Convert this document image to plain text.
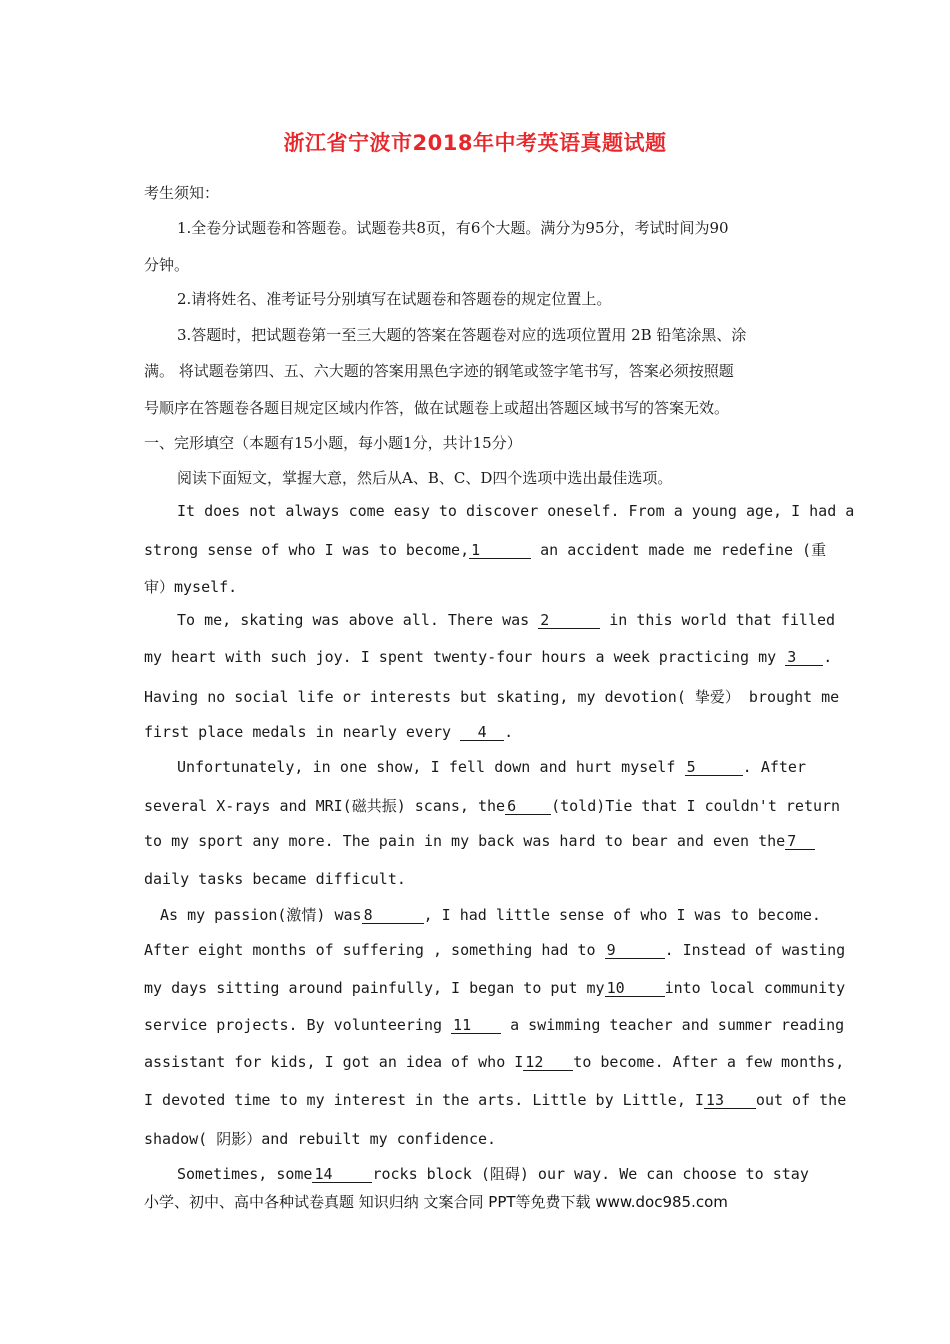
浙江省宁波市2018年中考英语真题试题
考生须知：
1.全卷分试题卷和答题卷。试题卷共8页，有6个大题。满分为95分，考试时间为90
分钟。
2.请将姓名、准考证号分别填写在试题卷和答题卷的规定位置上。
3.答题时，把试题卷第一至三大题的答案在答题卷对应的选项位置用 2B 铅笔涂黑、涂
满。 将试题卷第四、五、六大题的答案用黑色字迹的钢笔或签字笔书写，答案必须按照题
号顺序在答题卷各题目规定区域内作答，做在试题卷上或超出答题区域书写的答案无效。
一、完形填空（本题有15小题，每小题1分，共计15分）
阅读下面短文，掌握大意，然后从A、B、C、D四个选项中选出最佳选项。
It does not always come easy to discover oneself. From a young age, I had a
strong sense of who I was to become, 1	an accident made me redefine (重
审）myself.
To me, skating was above all. There was 2	in this world that filled
my heart with such joy. I spent twenty-four hours a week practicing my 3 .
Having no social life or interests but skating, my devotion( 挚爱） brought me
first place medals in nearly every 4 .
Unfortunately, in one show, I fell down and hurt myself 5	. After
several X-rays and MRI(磁共振) scans, the 6 (told)Tie that I couldn't return
to my sport any more. The pain in my back was hard to bear and even the 7
daily tasks became difficult.
As my passion(激情) was 8	, I had little sense of who I was to become.
After eight months of suffering , something had to 9	. Instead of wasting
my days sitting around painfully, I began to put my 10	into local community
service projects. By volunteering 11	a swimming teacher and summer reading
assistant for kids, I got an idea of who I 12 to become. After a few months,
I devoted time to my interest in the arts. Little by Little, I 13 out of the
shadow( 阴影）and rebuilt my confidence.
Sometimes, some 14	rocks block (阻碍) our way. We can choose to stay
小学、初中、高中各种试卷真题 知识归纳 文案合同 PPT等免费下载 www.doc985.com
